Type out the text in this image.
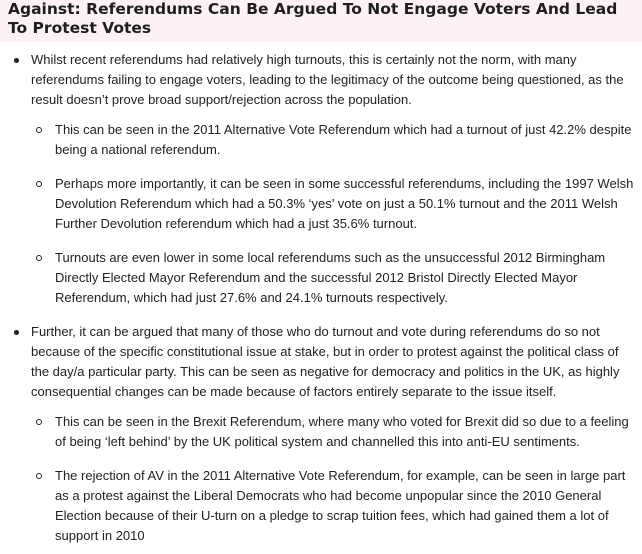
Against: Referendums Can Be Argued To Not Engage Voters And Lead To Protest Votes
Whilst recent referendums had relatively high turnouts, this is certainly not the norm, with many referendums failing to engage voters, leading to the legitimacy of the outcome being questioned, as the result doesn’t prove broad support/rejection across the population.
This can be seen in the 2011 Alternative Vote Referendum which had a turnout of just 42.2% despite being a national referendum.
Perhaps more importantly, it can be seen in some successful referendums, including the 1997 Welsh Devolution Referendum which had a 50.3% ‘yes’ vote on just a 50.1% turnout and the 2011 Welsh Further Devolution referendum which had a just 35.6% turnout.
Turnouts are even lower in some local referendums such as the unsuccessful 2012 Birmingham Directly Elected Mayor Referendum and the successful 2012 Bristol Directly Elected Mayor Referendum, which had just 27.6% and 24.1% turnouts respectively.
Further, it can be argued that many of those who do turnout and vote during referendums do so not because of the specific constitutional issue at stake, but in order to protest against the political class of the day/a particular party. This can be seen as negative for democracy and politics in the UK, as highly consequential changes can be made because of factors entirely separate to the issue itself.
This can be seen in the Brexit Referendum, where many who voted for Brexit did so due to a feeling of being ‘left behind’ by the UK political system and channelled this into anti-EU sentiments.
The rejection of AV in the 2011 Alternative Vote Referendum, for example, can be seen in large part as a protest against the Liberal Democrats who had become unpopular since the 2010 General Election because of their U-turn on a pledge to scrap tuition fees, which had gained them a lot of support in 2010
